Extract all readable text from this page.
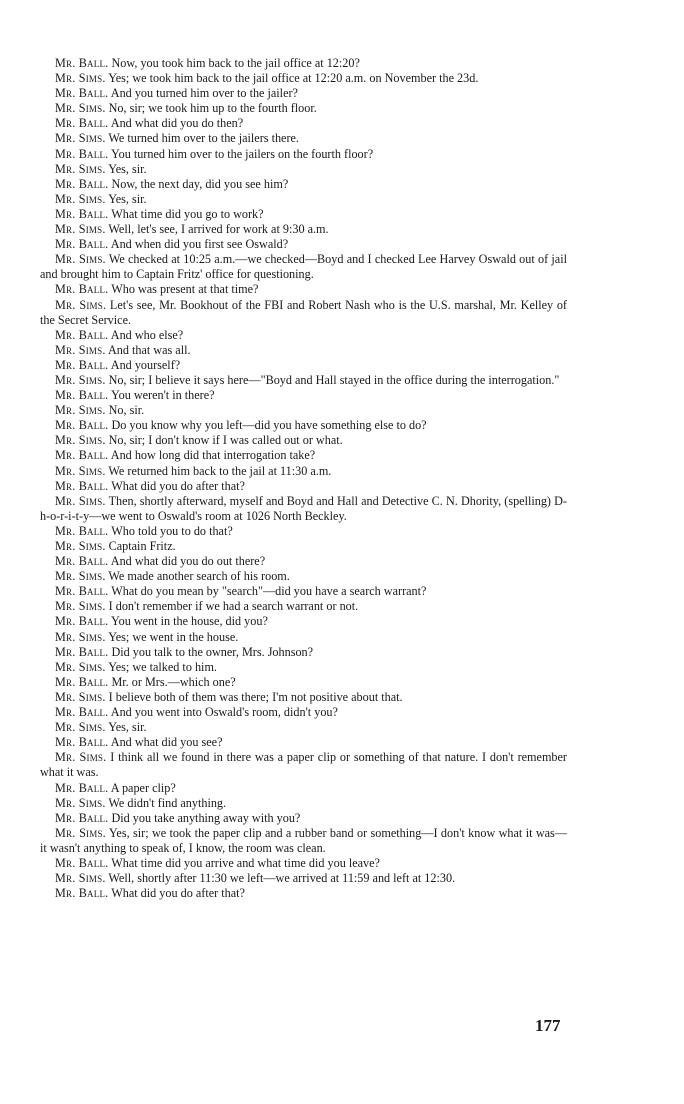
Mr. Ball. Now, you took him back to the jail office at 12:20?

Mr. Sims. Yes; we took him back to the jail office at 12:20 a.m. on November the 23d.

Mr. Ball. And you turned him over to the jailer?

Mr. Sims. No, sir; we took him up to the fourth floor.

Mr. Ball. And what did you do then?

Mr. Sims. We turned him over to the jailers there.

Mr. Ball. You turned him over to the jailers on the fourth floor?

Mr. Sims. Yes, sir.

Mr. Ball. Now, the next day, did you see him?

Mr. Sims. Yes, sir.

Mr. Ball. What time did you go to work?

Mr. Sims. Well, let's see, I arrived for work at 9:30 a.m.

Mr. Ball. And when did you first see Oswald?

Mr. Sims. We checked at 10:25 a.m.—we checked—Boyd and I checked Lee Harvey Oswald out of jail and brought him to Captain Fritz' office for questioning.

Mr. Ball. Who was present at that time?

Mr. Sims. Let's see, Mr. Bookhout of the FBI and Robert Nash who is the U.S. marshal, Mr. Kelley of the Secret Service.

Mr. Ball. And who else?

Mr. Sims. And that was all.

Mr. Ball. And yourself?

Mr. Sims. No, sir; I believe it says here—"Boyd and Hall stayed in the office during the interrogation."

Mr. Ball. You weren't in there?

Mr. Sims. No, sir.

Mr. Ball. Do you know why you left—did you have something else to do?

Mr. Sims. No, sir; I don't know if I was called out or what.

Mr. Ball. And how long did that interrogation take?

Mr. Sims. We returned him back to the jail at 11:30 a.m.

Mr. Ball. What did you do after that?

Mr. Sims. Then, shortly afterward, myself and Boyd and Hall and Detective C. N. Dhority, (spelling) D-h-o-r-i-t-y—we went to Oswald's room at 1026 North Beckley.

Mr. Ball. Who told you to do that?

Mr. Sims. Captain Fritz.

Mr. Ball. And what did you do out there?

Mr. Sims. We made another search of his room.

Mr. Ball. What do you mean by "search"—did you have a search warrant?

Mr. Sims. I don't remember if we had a search warrant or not.

Mr. Ball. You went in the house, did you?

Mr. Sims. Yes; we went in the house.

Mr. Ball. Did you talk to the owner, Mrs. Johnson?

Mr. Sims. Yes; we talked to him.

Mr. Ball. Mr. or Mrs.—which one?

Mr. Sims. I believe both of them was there; I'm not positive about that.

Mr. Ball. And you went into Oswald's room, didn't you?

Mr. Sims. Yes, sir.

Mr. Ball. And what did you see?

Mr. Sims. I think all we found in there was a paper clip or something of that nature. I don't remember what it was.

Mr. Ball. A paper clip?

Mr. Sims. We didn't find anything.

Mr. Ball. Did you take anything away with you?

Mr. Sims. Yes, sir; we took the paper clip and a rubber band or something—I don't know what it was—it wasn't anything to speak of, I know, the room was clean.

Mr. Ball. What time did you arrive and what time did you leave?

Mr. Sims. Well, shortly after 11:30 we left—we arrived at 11:59 and left at 12:30.

Mr. Ball. What did you do after that?

177
